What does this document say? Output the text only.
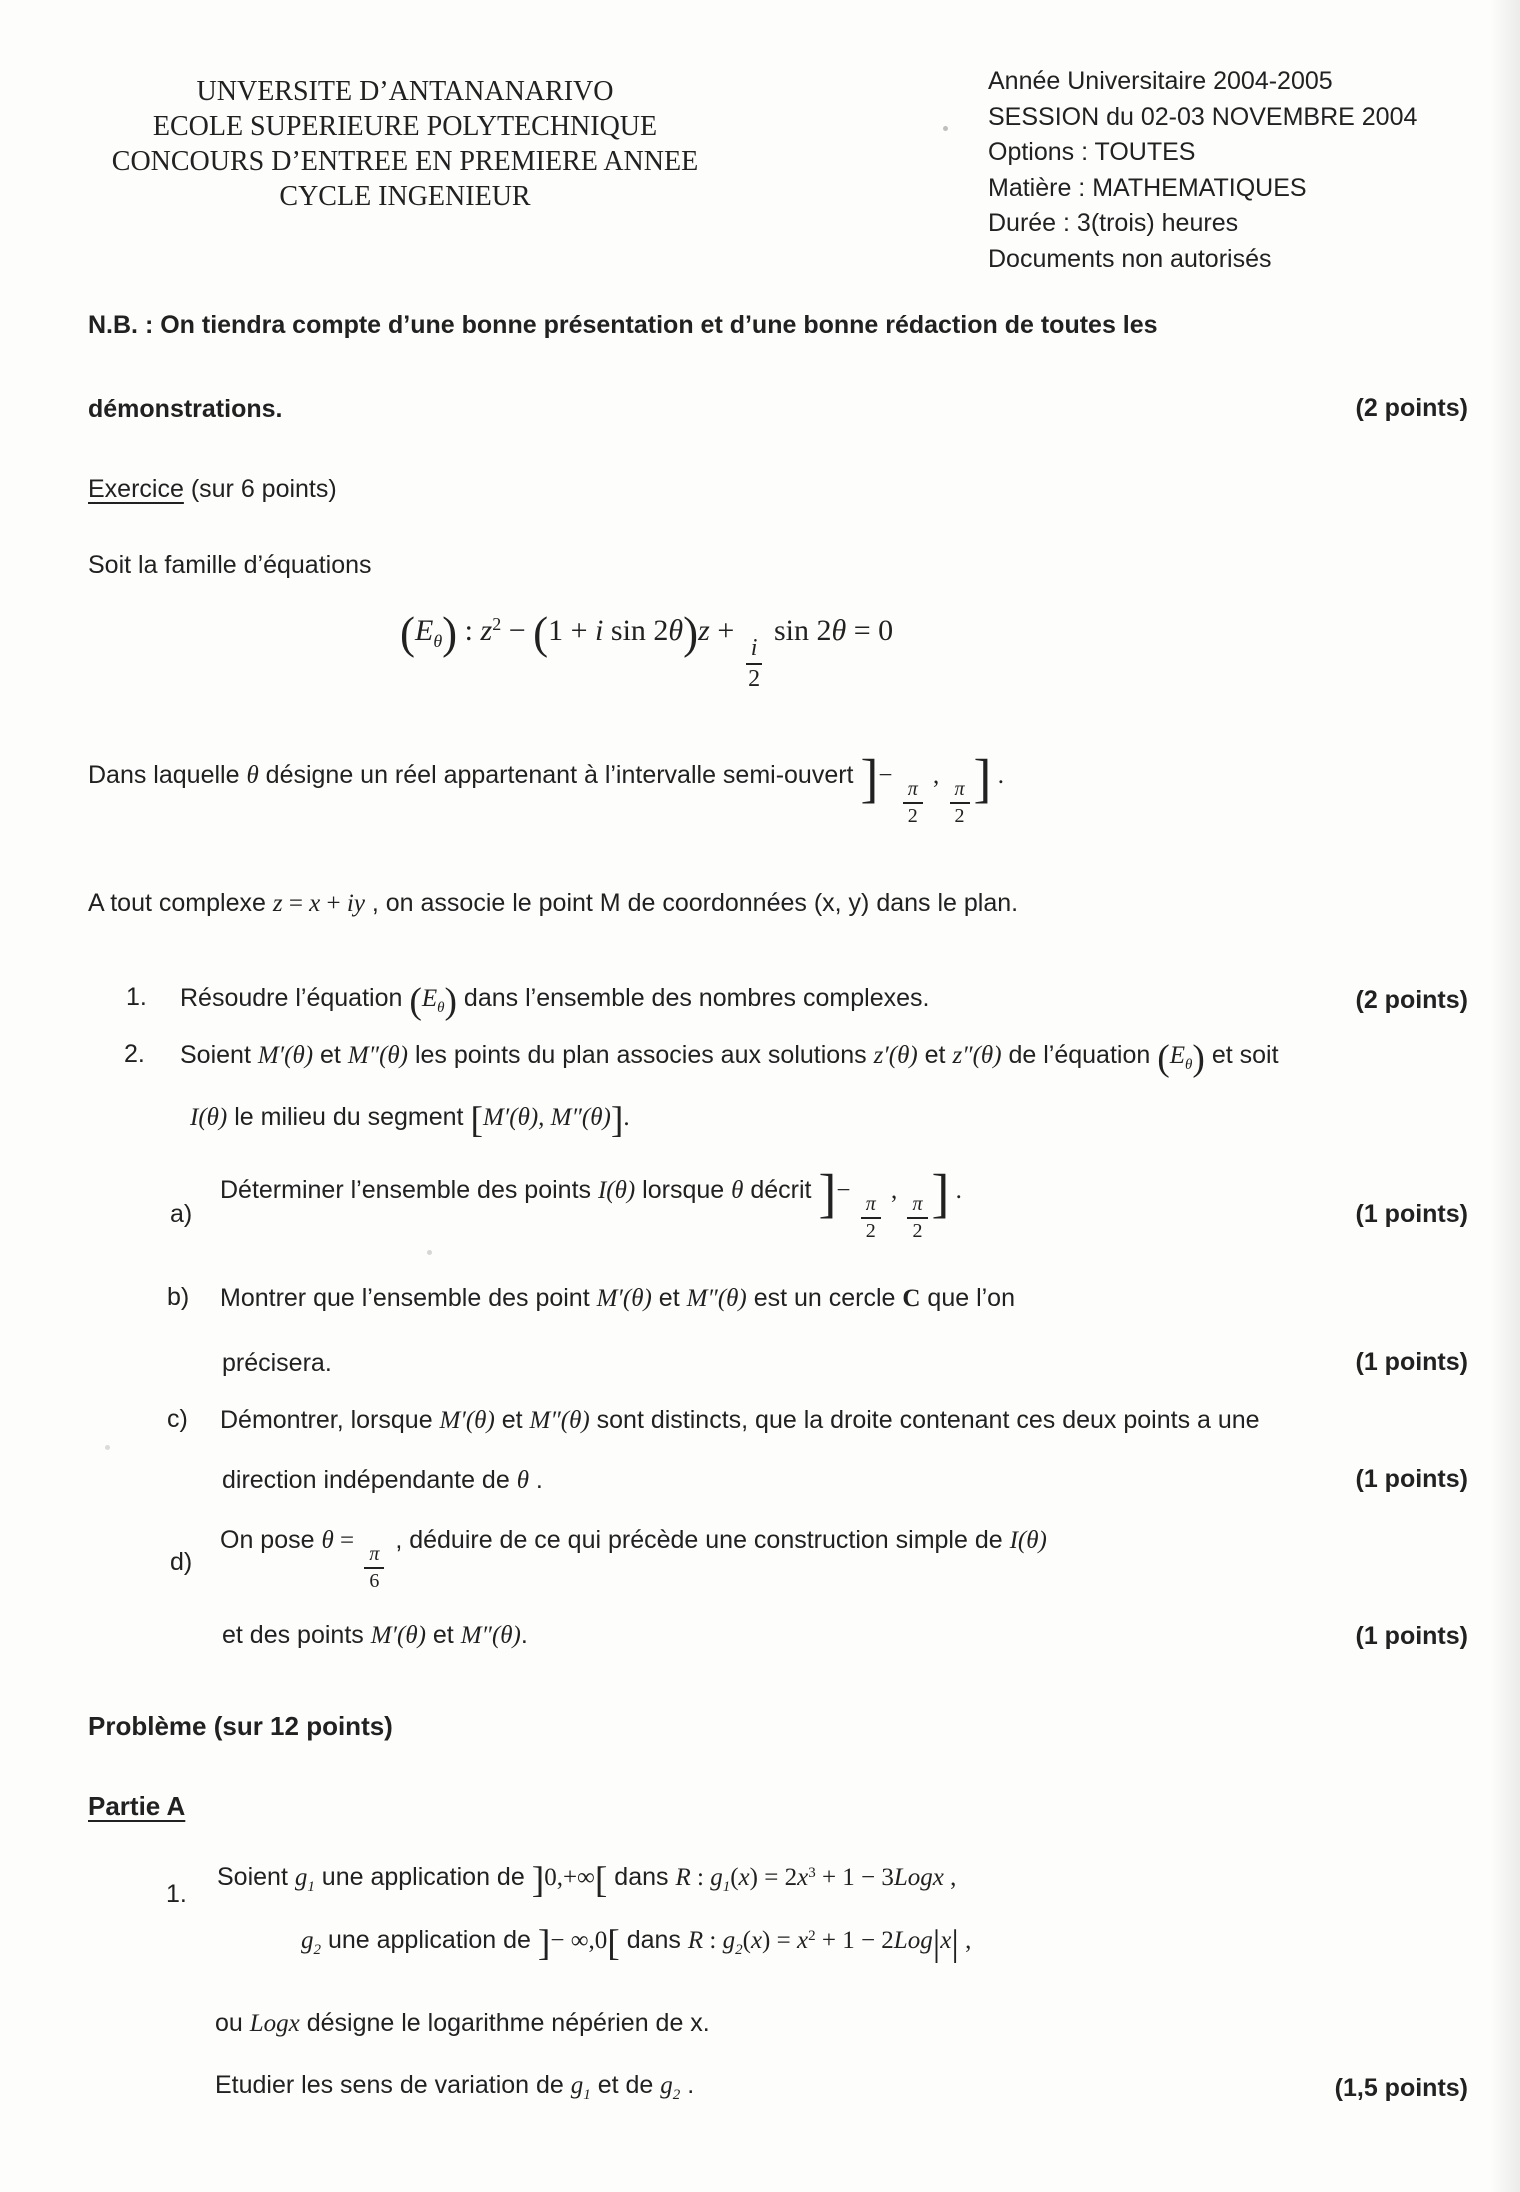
UNVERSITE D’ANTANANARIVO
ECOLE SUPERIEURE POLYTECHNIQUE
CONCOURS D’ENTREE EN PREMIERE ANNEE
CYCLE INGENIEUR
Année Universitaire 2004-2005
SESSION du 02-03 NOVEMBRE 2004
Options : TOUTES
Matière : MATHEMATIQUES
Durée : 3(trois) heures
Documents non autorisés
N.B. : On tiendra compte d’une bonne présentation et d’une bonne rédaction de toutes les
démonstrations.	(2 points)
Exercice (sur 6 points)
Soit la famille d’équations
$(E_\theta)$ : $z^2 - (1 + i$ sin 2θ)z +
$\frac{i}{2}$
sin 2θ = 0
Dans laquelle θ désigne un réel appartenant à l’intervalle semi-ouvert ]−
$\frac{\pi}{2}$
,
$\frac{\pi}{2}$ ] .
A tout complexe z = x + iy , on associe le point M de coordonnées (x, y) dans le plan.
1. Résoudre l’équation $(E_\theta)$ dans l’ensemble des nombres complexes.	(2 points)
2. Soient M′(θ) et M″(θ) les points du plan associes aux solutions z′(θ) et z″(θ) de l’équation $(E_\theta)$ et soit
I(θ) le milieu du segment [M′(θ), M″(θ)].
a)
Déterminer l’ensemble des points I(θ) lorsque θ décrit ]−
$\frac{\pi}{2}$
,
$\frac{\pi}{2}$ ] .
(1 points)
b) Montrer que l’ensemble des point M′(θ) et M″(θ) est un cercle C que l’on
précisera.	(1 points)
c) Démontrer, lorsque M′(θ) et M″(θ) sont distincts, que la droite contenant ces deux points a une
direction indépendante de θ .	(1 points)
d)
On pose θ =
$\frac{\pi}{6}$
, déduire de ce qui précède une construction simple de I(θ)
et des points M′(θ) et M″(θ).	(1 points)
Problème (sur 12 points)
Partie A
1.
Soient $g_1$ une application de ]0,+∞[ dans R : $g_1(x) = 2x^3 + 1$ − 3Logx ,
$g_2$ une application de ]− ∞,0[ dans R : $g_2(x) = x^2 + 1 - 2Log|x|$ ,
ou Logx désigne le logarithme népérien de x.
Etudier les sens de variation de $g_1$ et de $g_2$ .	(1,5 points)
